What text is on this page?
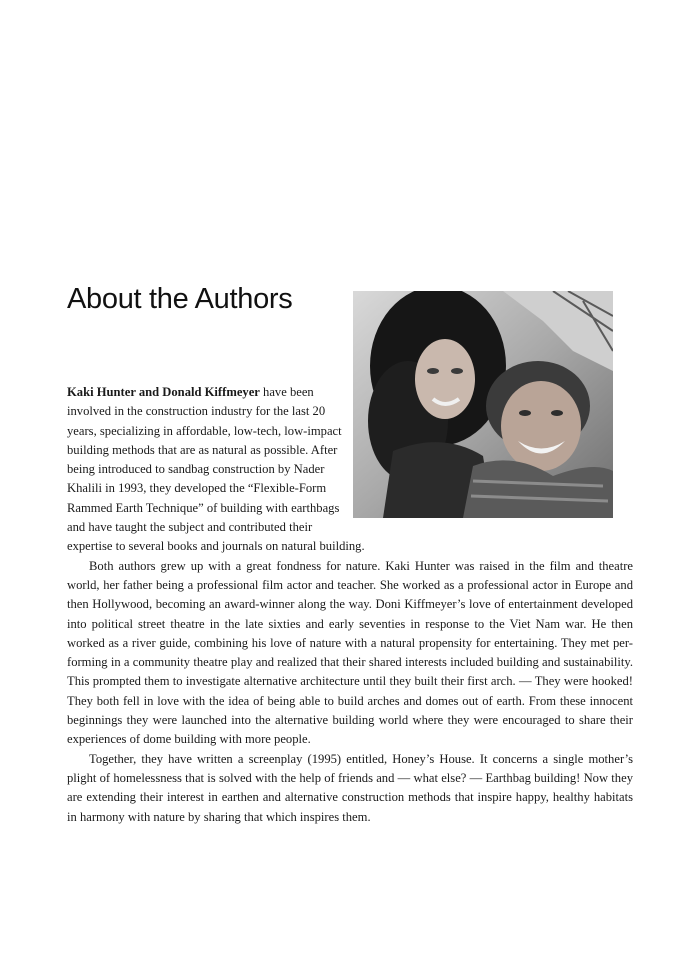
About the Authors

Kaki Hunter and Donald Kiffmeyer have been
involved in the construction industry for the last 20
years, specializing in affordable, low-tech, low-impact
building methods that are as natural as possible. After
being introduced to sandbag construction by Nader
Khalili in 1993, they developed the “Flexible-Form
Rammed Earth Technique” of building with earthbags
and have taught the subject and contributed their
expertise to several books and journals on natural building.

Both authors grew up with a great fondness for nature. Kaki Hunter was raised in the film and theatre world, her father being a professional film actor and teacher. She worked as a professional actor in Europe and then Hollywood, becoming an award-winner along the way. Doni Kiffmeyer’s love of entertainment developed into political street theatre in the late sixties and early seventies in response to the Viet Nam war. He then worked as a river guide, combining his love of nature with a natural propensity for entertaining. They met per-forming in a community theatre play and realized that their shared interests included building and sustainability. This prompted them to investigate alternative architecture until they built their first arch. — They were hooked! They both fell in love with the idea of being able to build arches and domes out of earth. From these innocent beginnings they were launched into the alternative building world where they were encouraged to share their experiences of dome building with more people.

Together, they have written a screenplay (1995) entitled, Honey’s House. It concerns a single mother’s plight of homelessness that is solved with the help of friends and — what else? — Earthbag building! Now they are extending their interest in earthen and alternative construction methods that inspire happy, healthy habitats in harmony with nature by sharing that which inspires them.
